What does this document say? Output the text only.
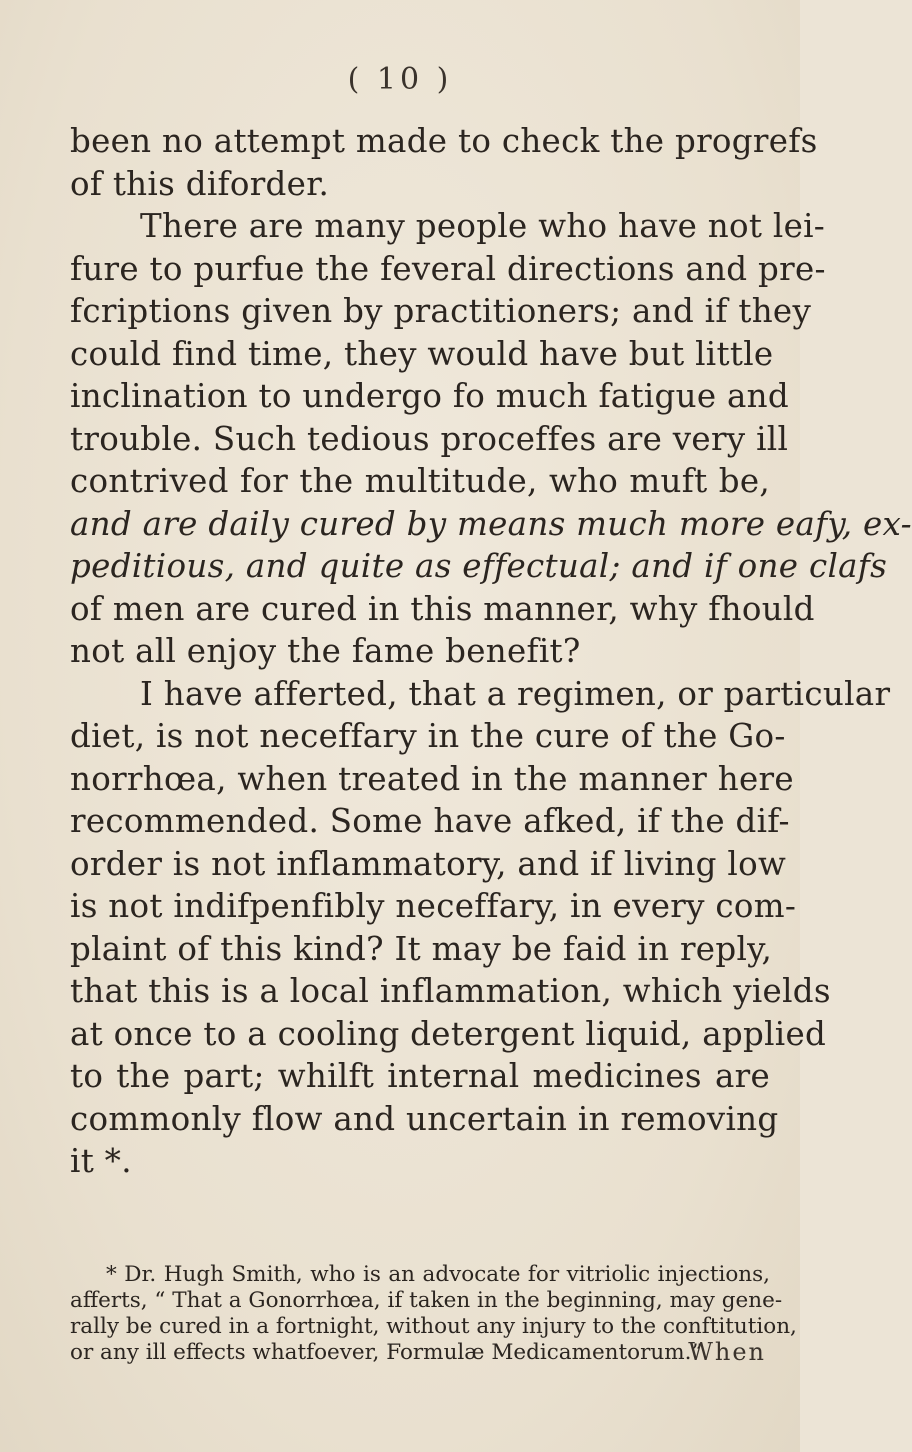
( 10 )
been no attempt made to check the progrefs
of this diforder.
There are many people who have not lei-
fure to purfue the feveral directions and pre-
fcriptions given by practitioners; and if they
could find time, they would have but little
inclination to undergo fo much fatigue and
trouble. Such tedious proceffes are very ill
contrived for the multitude, who muft be,
and are daily cured by means much more eafy, ex-
peditious, and quite as effectual; and if one clafs
of men are cured in this manner, why fhould
not all enjoy the fame benefit?
I have afferted, that a regimen, or particular
diet, is not neceffary in the cure of the Go-
norrhœa, when treated in the manner here
recommended. Some have afked, if the dif-
order is not inflammatory, and if living low
is not indifpenfibly neceffary, in every com-
plaint of this kind? It may be faid in reply,
that this is a local inflammation, which yields
at once to a cooling detergent liquid, applied
to the part; whilft internal medicines are
commonly flow and uncertain in removing
it *.
* Dr. Hugh Smith, who is an advocate for vitriolic injections,
afferts, “ That a Gonorrhœa, if taken in the beginning, may gene-
rally be cured in a fortnight, without any injury to the conftitution,
or any ill effects whatfoever, Formulæ Medicamentorum.”
When
